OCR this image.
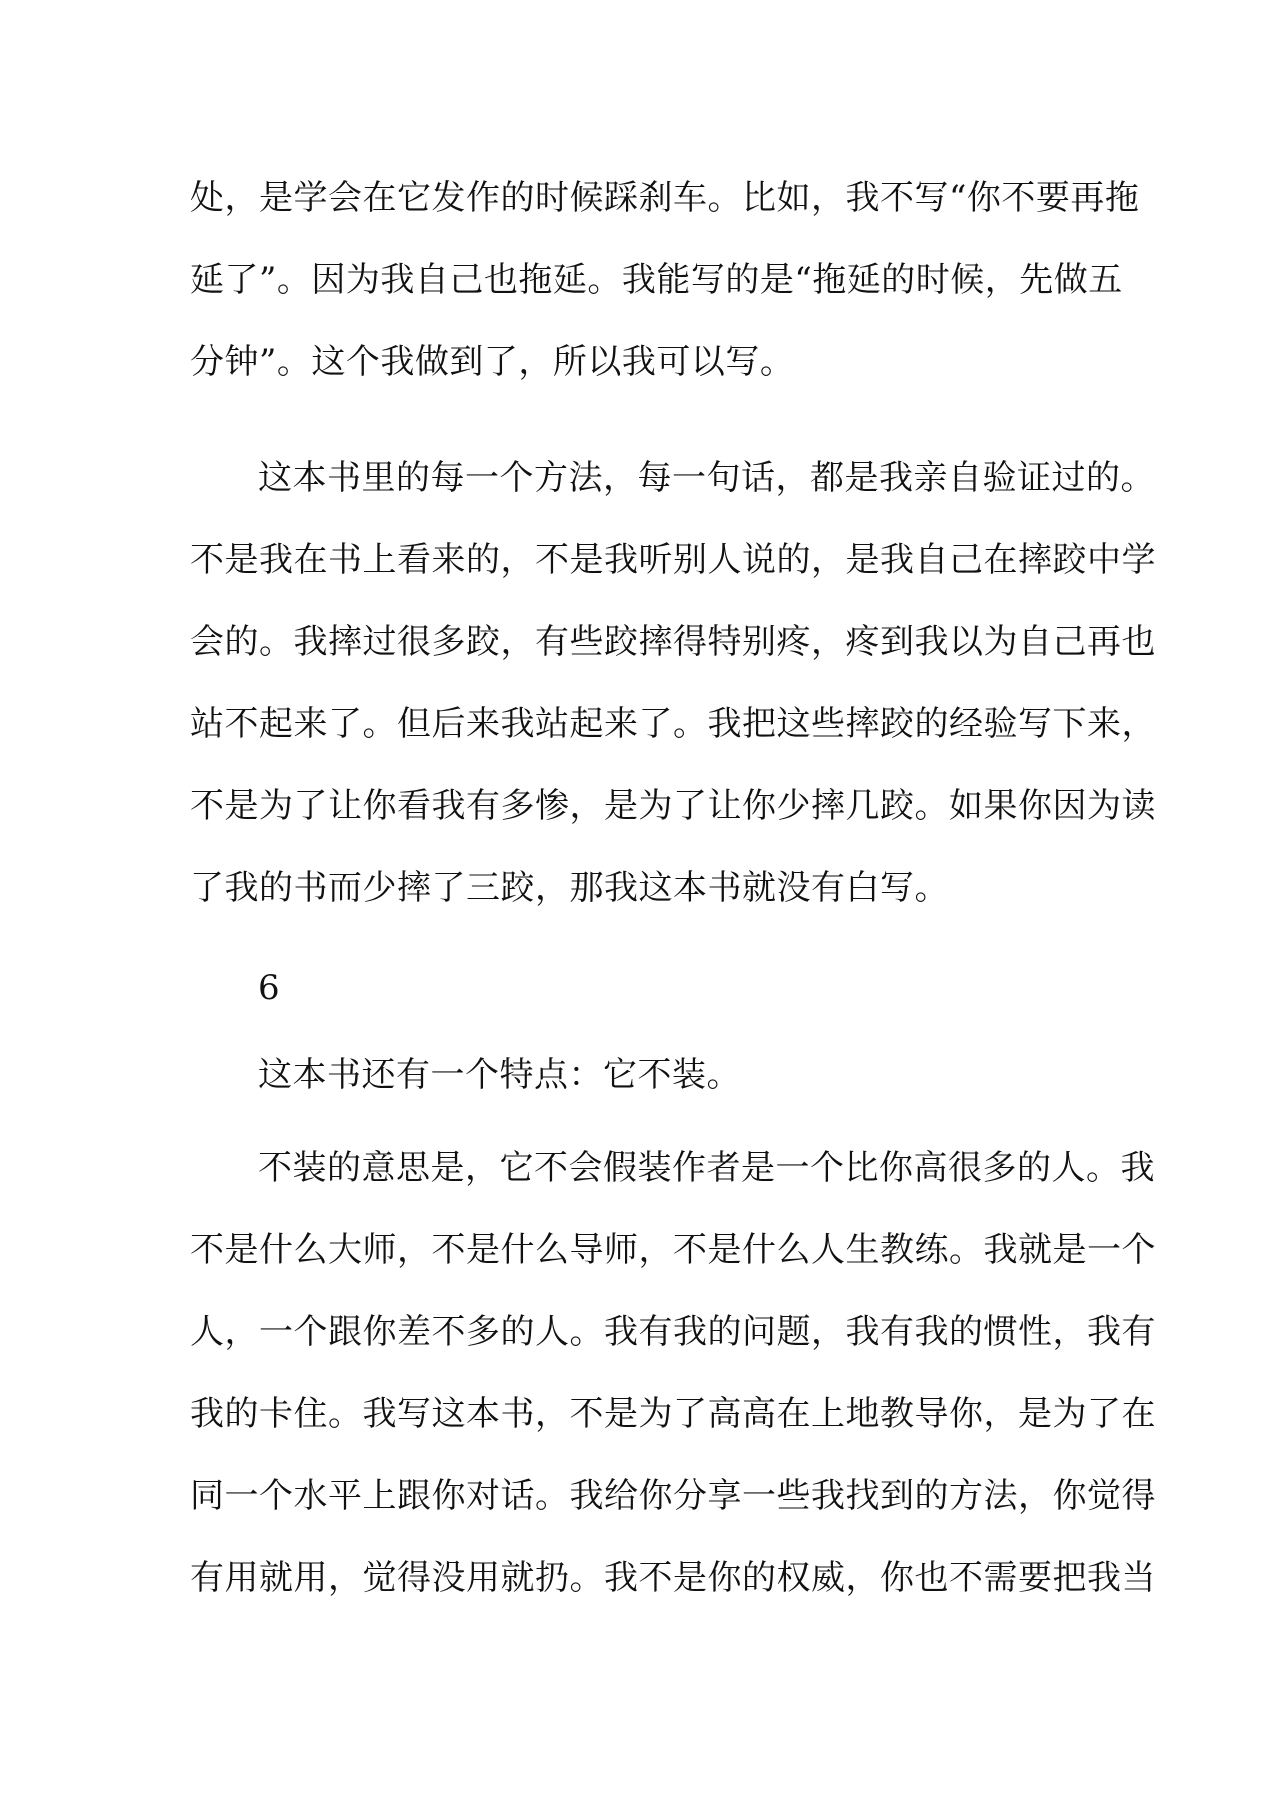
处，是学会在它发作的时候踩刹车。比如，我不写“你不要再拖
延了”。因为我自己也拖延。我能写的是“拖延的时候，先做五
分钟”。这个我做到了，所以我可以写。
这本书里的每一个方法，每一句话，都是我亲自验证过的。
不是我在书上看来的，不是我听别人说的，是我自己在摔跤中学
会的。我摔过很多跤，有些跤摔得特别疼，疼到我以为自己再也
站不起来了。但后来我站起来了。我把这些摔跤的经验写下来，
不是为了让你看我有多惨，是为了让你少摔几跤。如果你因为读
了我的书而少摔了三跤，那我这本书就没有白写。
6
这本书还有一个特点：它不装。
不装的意思是，它不会假装作者是一个比你高很多的人。我
不是什么大师，不是什么导师，不是什么人生教练。我就是一个
人，一个跟你差不多的人。我有我的问题，我有我的惯性，我有
我的卡住。我写这本书，不是为了高高在上地教导你，是为了在
同一个水平上跟你对话。我给你分享一些我找到的方法，你觉得
有用就用，觉得没用就扔。我不是你的权威，你也不需要把我当
